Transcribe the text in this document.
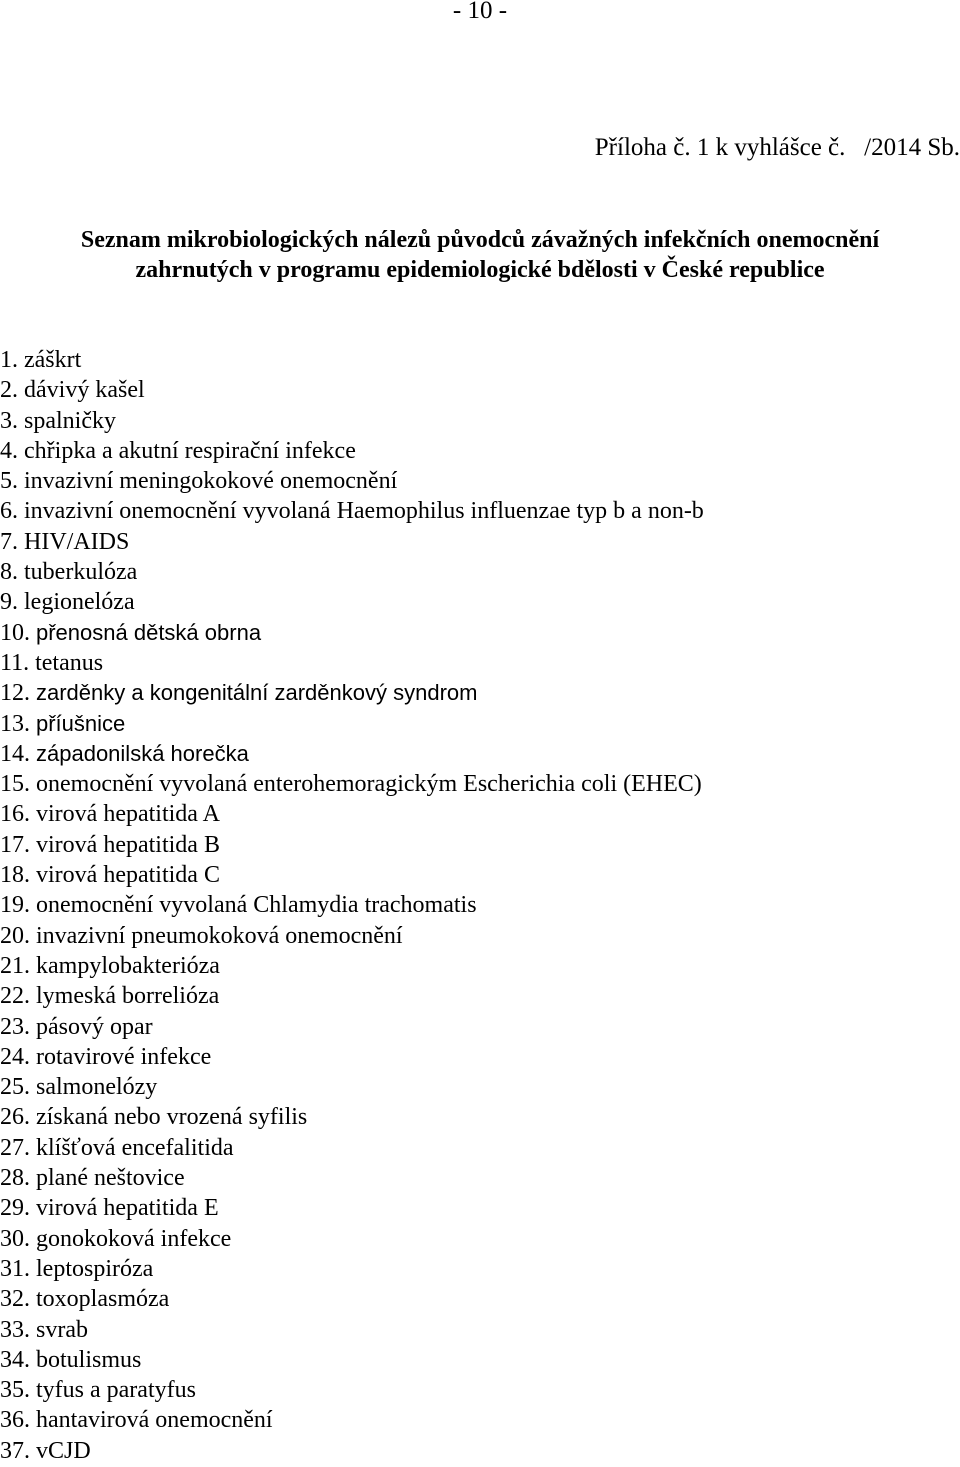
- 10 -
Příloha č. 1 k vyhlášce č.   /2014 Sb.
Seznam mikrobiologických nálezů původců závažných infekčních onemocnění
zahrnutých v programu epidemiologické bdělosti v České republice
1. záškrt
2. dávivý kašel
3. spalničky
4. chřipka a akutní respirační infekce
5. invazivní meningokokové onemocnění
6. invazivní onemocnění vyvolaná Haemophilus influenzae typ b a non-b
7. HIV/AIDS
8. tuberkulóza
9. legionelóza
10. přenosná dětská obrna
11. tetanus
12. zarděnky a kongenitální zarděnkový syndrom
13. příušnice
14. západonilská horečka
15. onemocnění vyvolaná enterohemoragickým Escherichia coli (EHEC)
16. virová hepatitida A
17. virová hepatitida B
18. virová hepatitida C
19. onemocnění vyvolaná Chlamydia trachomatis
20. invazivní pneumokoková onemocnění
21. kampylobakterióza
22. lymeská borrelióza
23. pásový opar
24. rotavirové infekce
25. salmonelózy
26. získaná nebo vrozená syfilis
27. klíšťová encefalitida
28. plané neštovice
29. virová hepatitida E
30. gonokoková infekce
31. leptospiróza
32. toxoplasmóza
33. svrab
34. botulismus
35. tyfus a paratyfus
36. hantavirová onemocnění
37. vCJD
